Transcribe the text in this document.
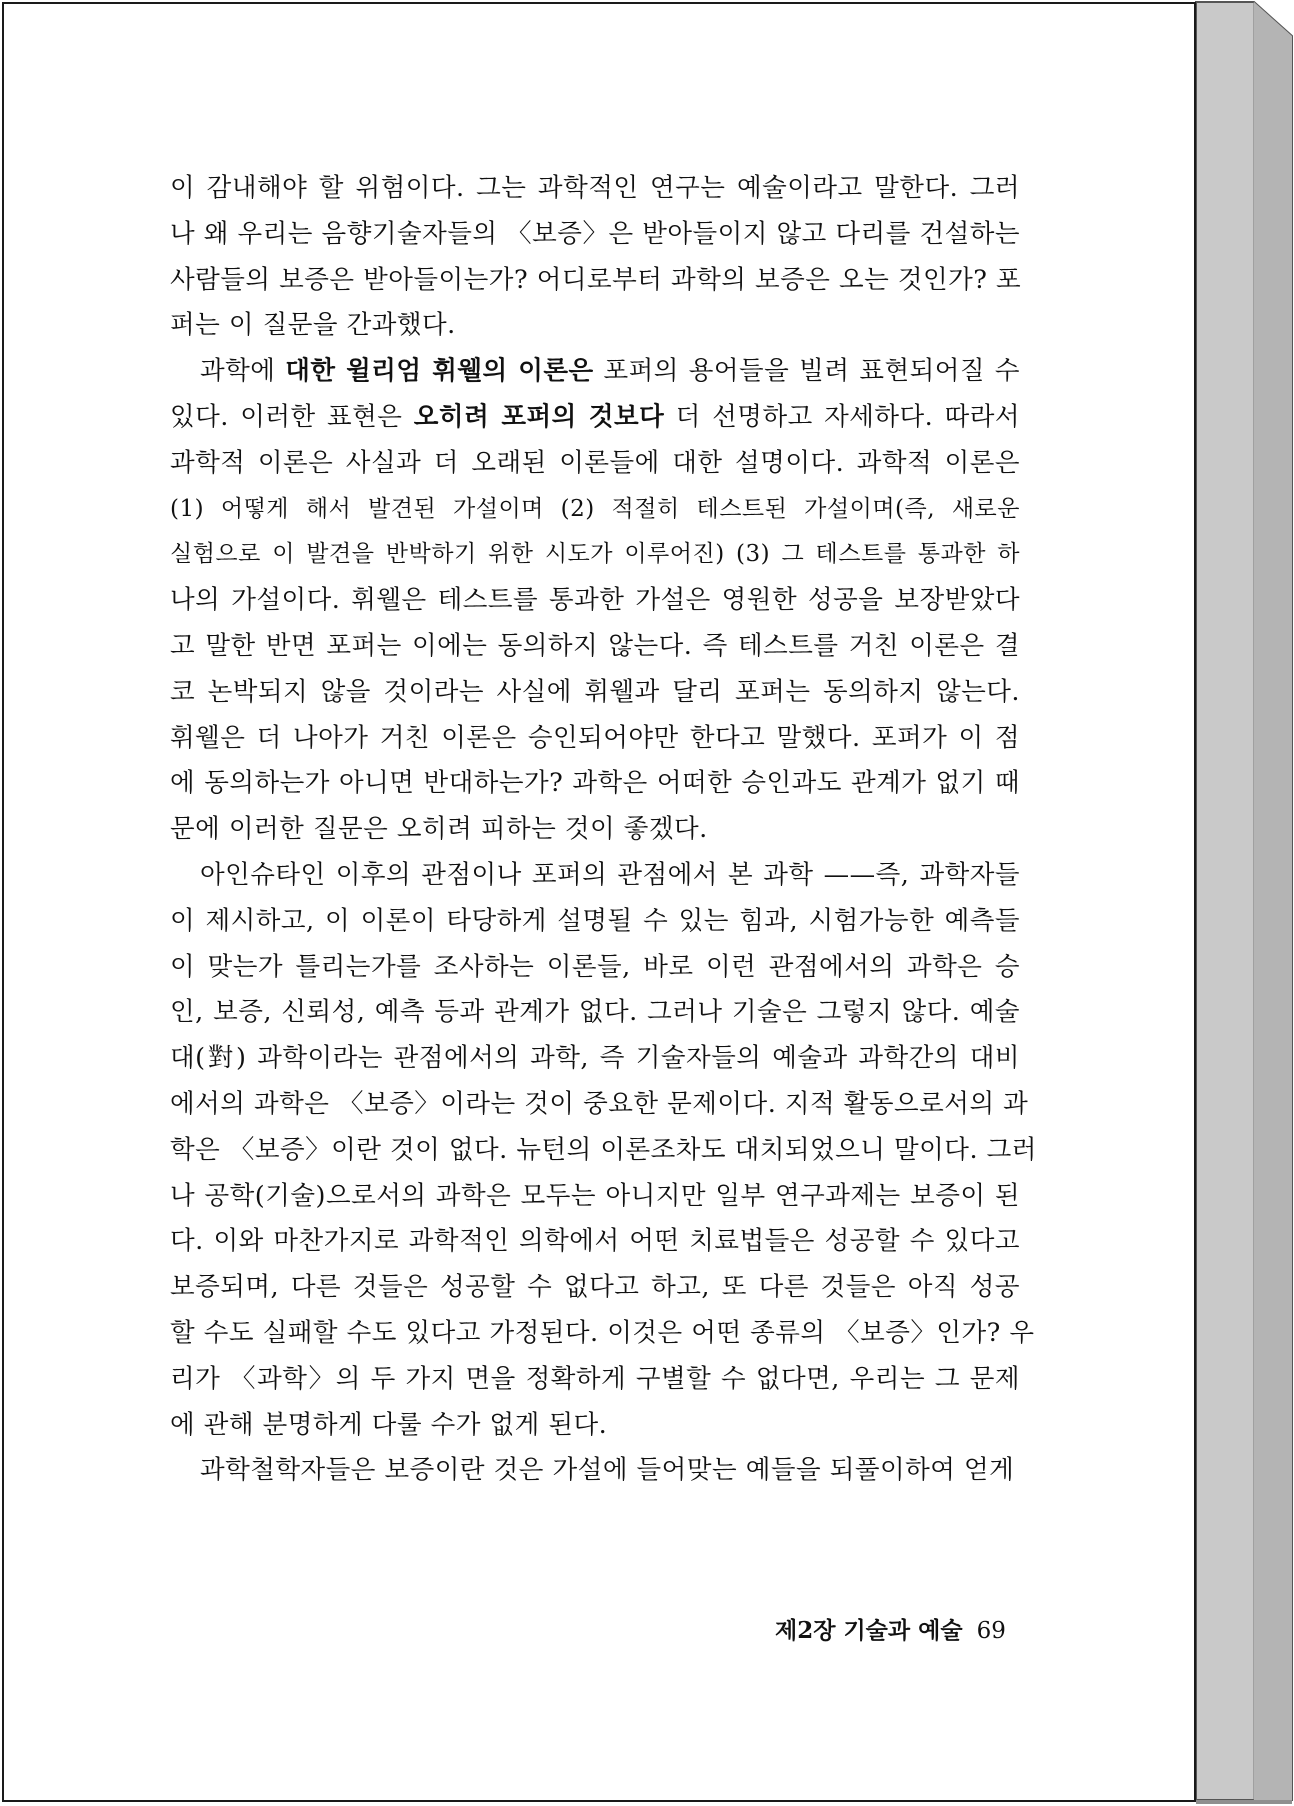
이 감내해야 할 위험이다. 그는 과학적인 연구는 예술이라고 말한다. 그러
나 왜 우리는 음향기술자들의 〈보증〉은 받아들이지 않고 다리를 건설하는
사람들의 보증은 받아들이는가? 어디로부터 과학의 보증은 오는 것인가? 포
퍼는 이 질문을 간과했다.
과학에 대한 윌리엄 휘웰의 이론은 포퍼의 용어들을 빌려 표현되어질 수
있다. 이러한 표현은 오히려 포퍼의 것보다 더 선명하고 자세하다. 따라서
과학적 이론은 사실과 더 오래된 이론들에 대한 설명이다. 과학적 이론은
(1) 어떻게 해서 발견된 가설이며 (2) 적절히 테스트된 가설이며(즉, 새로운
실험으로 이 발견을 반박하기 위한 시도가 이루어진) (3) 그 테스트를 통과한 하
나의 가설이다. 휘웰은 테스트를 통과한 가설은 영원한 성공을 보장받았다
고 말한 반면 포퍼는 이에는 동의하지 않는다. 즉 테스트를 거친 이론은 결
코 논박되지 않을 것이라는 사실에 휘웰과 달리 포퍼는 동의하지 않는다.
휘웰은 더 나아가 거친 이론은 승인되어야만 한다고 말했다. 포퍼가 이 점
에 동의하는가 아니면 반대하는가? 과학은 어떠한 승인과도 관계가 없기 때
문에 이러한 질문은 오히려 피하는 것이 좋겠다.
아인슈타인 이후의 관점이나 포퍼의 관점에서 본 과학 ——즉, 과학자들
이 제시하고, 이 이론이 타당하게 설명될 수 있는 힘과, 시험가능한 예측들
이 맞는가 틀리는가를 조사하는 이론들, 바로 이런 관점에서의 과학은 승
인, 보증, 신뢰성, 예측 등과 관계가 없다. 그러나 기술은 그렇지 않다. 예술
대(對) 과학이라는 관점에서의 과학, 즉 기술자들의 예술과 과학간의 대비
에서의 과학은 〈보증〉이라는 것이 중요한 문제이다. 지적 활동으로서의 과
학은 〈보증〉이란 것이 없다. 뉴턴의 이론조차도 대치되었으니 말이다. 그러
나 공학(기술)으로서의 과학은 모두는 아니지만 일부 연구과제는 보증이 된
다. 이와 마찬가지로 과학적인 의학에서 어떤 치료법들은 성공할 수 있다고
보증되며, 다른 것들은 성공할 수 없다고 하고, 또 다른 것들은 아직 성공
할 수도 실패할 수도 있다고 가정된다. 이것은 어떤 종류의 〈보증〉인가? 우
리가 〈과학〉의 두 가지 면을 정확하게 구별할 수 없다면, 우리는 그 문제
에 관해 분명하게 다룰 수가 없게 된다.
과학철학자들은 보증이란 것은 가설에 들어맞는 예들을 되풀이하여 얻게
제2장 기술과 예술 69
